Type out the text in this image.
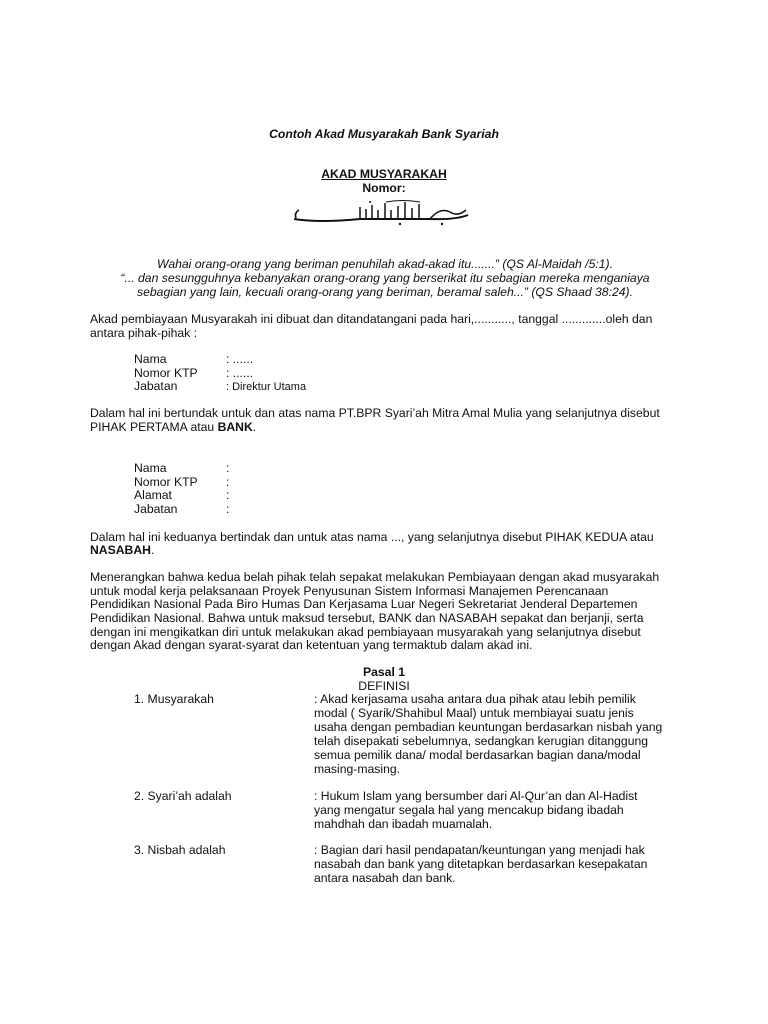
Contoh Akad Musyarakah Bank Syariah
AKAD MUSYARAKAH
Nomor:
Wahai orang-orang yang beriman penuhilah akad-akad itu.......” (QS Al-Maidah /5:1).
“... dan sesungguhnya kebanyakan orang-orang yang berserikat itu sebagian mereka menganiaya
sebagian yang lain, kecuali orang-orang yang beriman, beramal saleh...” (QS Shaad 38:24).
Akad pembiayaan Musyarakah ini dibuat dan ditandatangani pada hari,..........., tanggal .............oleh dan
antara pihak-pihak :
Nama	: ......
Nomor KTP : ......
Jabatan	: Direktur Utama
Dalam hal ini bertundak untuk dan atas nama PT.BPR Syari’ah Mitra Amal Mulia yang selanjutnya disebut
PIHAK PERTAMA atau BANK.
Nama	:
Nomor KTP :
Alamat	:
Jabatan	:
Dalam hal ini keduanya bertindak dan untuk atas nama ..., yang selanjutnya disebut PIHAK KEDUA atau
NASABAH.
Menerangkan bahwa kedua belah pihak telah sepakat melakukan Pembiayaan dengan akad musyarakah
untuk modal kerja pelaksanaan Proyek Penyusunan Sistem Informasi Manajemen Perencanaan
Pendidikan Nasional Pada Biro Humas Dan Kerjasama Luar Negeri Sekretariat Jenderal Departemen
Pendidikan Nasional. Bahwa untuk maksud tersebut, BANK dan NASABAH sepakat dan berjanji, serta
dengan ini mengikatkan diri untuk melakukan akad pembiayaan musyarakah yang selanjutnya disebut
dengan Akad dengan syarat-syarat dan ketentuan yang termaktub dalam akad ini.
Pasal 1
DEFINISI
1. Musyarakah	: Akad kerjasama usaha antara dua pihak atau lebih pemilik
modal ( Syarik/Shahibul Maal) untuk membiayai suatu jenis
usaha dengan pembadian keuntungan berdasarkan nisbah yang
telah disepakati sebelumnya, sedangkan kerugian ditanggung
semua pemilik dana/ modal berdasarkan bagian dana/modal
masing-masing.
2. Syari’ah adalah	: Hukum Islam yang bersumber dari Al-Qur’an dan Al-Hadist
yang mengatur segala hal yang mencakup bidang ibadah
mahdhah dan ibadah muamalah.
3. Nisbah adalah	: Bagian dari hasil pendapatan/keuntungan yang menjadi hak
nasabah dan bank yang ditetapkan berdasarkan kesepakatan
antara nasabah dan bank.
